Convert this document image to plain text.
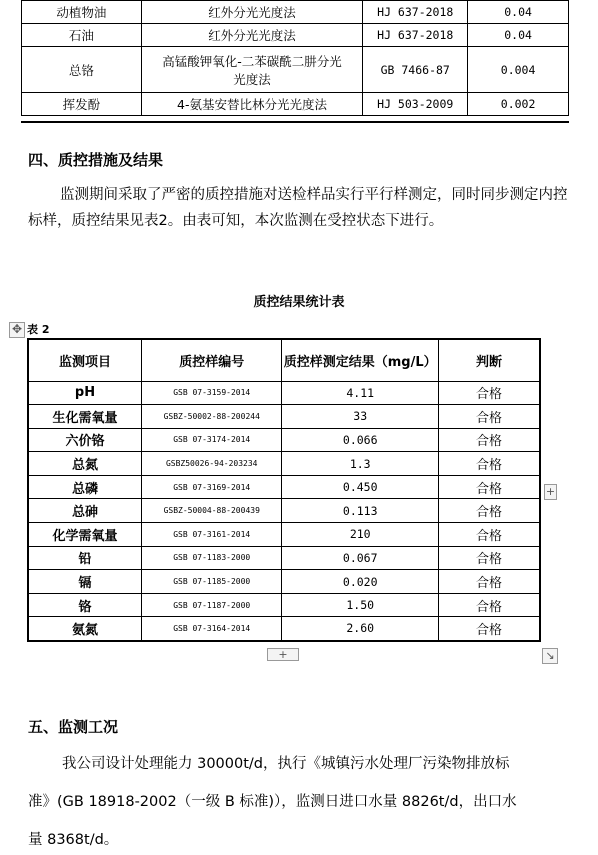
动植物油	红外分光光度法	HJ 637-2018	0.04
石油	红外分光光度法	HJ 637-2018	0.04
总铬	高锰酸钾氧化-二苯碳酰二肼分光光度法	GB 7466-87	0.004
挥发酚	4-氨基安替比林分光光度法	HJ 503-2009	0.002
四、质控措施及结果
监测期间采取了严密的质控措施对送检样品实行平行样测定，同时同步测定内控标样，质控结果见表2。由表可知，本次监测在受控状态下进行。
质控结果统计表
✥ 表 2
监测项目	质控样编号	质控样测定结果（mg/L）	判断
pH	GSB 07-3159-2014	4.11	合格
生化需氧量	GSBZ-50002-88-200244	33	合格
六价铬	GSB 07-3174-2014	0.066	合格
总氮	GSBZ50026-94-203234	1.3	合格
总磷	GSB 07-3169-2014	0.450	合格
总砷	GSBZ-50004-88-200439	0.113	合格
化学需氧量	GSB 07-3161-2014	210	合格
铅	GSB 07-1183-2000	0.067	合格
镉	GSB 07-1185-2000	0.020	合格
铬	GSB 07-1187-2000	1.50	合格
氨氮	GSB 07-3164-2014	2.60	合格
+
+	↘
五、监测工况
我公司设计处理能力 30000t/d，执行《城镇污水处理厂污染物排放标
准》(GB 18918-2002（一级 B 标准)），监测日进口水量 8826t/d，出口水
量 8368t/d。
